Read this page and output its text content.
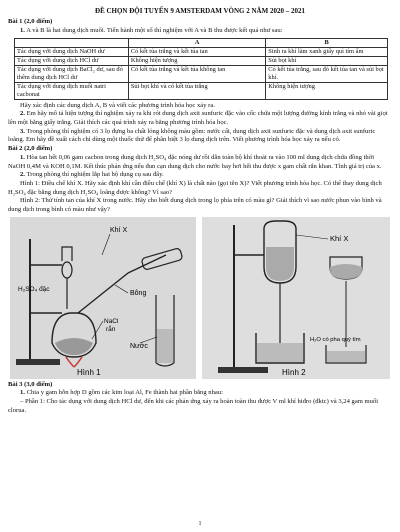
ĐỀ CHỌN ĐỘI TUYỂN 9 AMSTERDAM VÒNG 2 NĂM 2020 – 2021

Bài 1 (2,0 điểm)

1. A và B là hai dung dịch muối. Tiến hành một số thí nghiệm với A và B thu được kết quả như sau:

	A	B
Tác dụng với dung dịch NaOH dư	Có kết tủa trắng và kết tủa tan	Sinh ra khí làm xanh giấy quì tím ẩm
Tác dụng với dung dịch HCl dư	Không hiện tượng	Sủi bọt khí
Tác dụng với dung dịch BaCl₂ dư, sau đó thêm dung dịch HCl dư	Có kết tủa trắng và kết tủa không tan	Có kết tủa trắng, sau đó kết tủa tan và sủi bọt khí.
Tác dụng với dung dịch muối natri cacbonat	Sủi bọt khí và có kết tủa trắng	Không hiện tượng

Hãy xác định các dung dịch A, B và viết các phương trình hóa học xảy ra.

2. Em hãy mô tả hiện tượng thí nghiệm xảy ra khi rót dung dịch axit sunfuric đặc vào cốc chứa một lượng đường kính trắng và nhỏ vài giọt lên một băng giấy trắng. Giải thích các quá trình xảy ra bằng phương trình hóa học.

3. Trong phòng thí nghiệm có 3 lọ đựng ba chất lỏng không màu gồm: nước cất, dung dịch axit sunfuric đặc và dung dịch axit sunfuric loãng. Em hãy đề xuất cách chỉ dùng một thuốc thử để phân biệt 3 lọ dung dịch trên. Viết phương trình hóa học xảy ra nếu có.

Bài 2 (2,0 điểm)

1. Hòa tan hết 0,06 gam cacbon trong dung dịch H₂SO₄ đặc nóng dư rồi dẫn toàn bộ khí thoát ra vào 100 ml dung dịch chứa đồng thời NaOH 0,4M và KOH 0,1M. Kết thúc phản ứng nếu đun cạn dung dịch cho nước bay hơi hết thu được x gam chất rắn khan. Tính giá trị của x.

2. Trong phòng thí nghiệm lắp hai bộ dụng cụ sau đây.

Hình 1: Điều chế khí X. Hãy xác định khí cần điều chế (khí X) là chất nào (gọi tên X)? Viết phương trình hóa học. Có thể thay dung dịch H₂SO₄ đặc bằng dung dịch H₂SO₄ loãng được không? Vì sao?

Hình 2: Thử tính tan của khí X trong nước. Hãy cho biết dung dịch trong lọ phía trên có màu gì? Giải thích vì sao nước phun vào bình và dung dịch trong bình có màu như vậy?

Khí X
H₂SO₄ đặc
Bông
NaCl
rắn
Nước
Hình 1
Khí X
H₂O có pha quỳ tím
Hình 2

Bài 3 (3,0 điểm)

1. Chia y gam hỗn hợp D gồm các kim loại Al, Fe thành hai phần bằng nhau:

– Phần 1: Cho tác dụng với dung dịch HCl dư, đến khi các phản ứng xảy ra hoàn toàn thu được V ml khí hiđro (đktc) và 3,24 gam muối clorua.

1
